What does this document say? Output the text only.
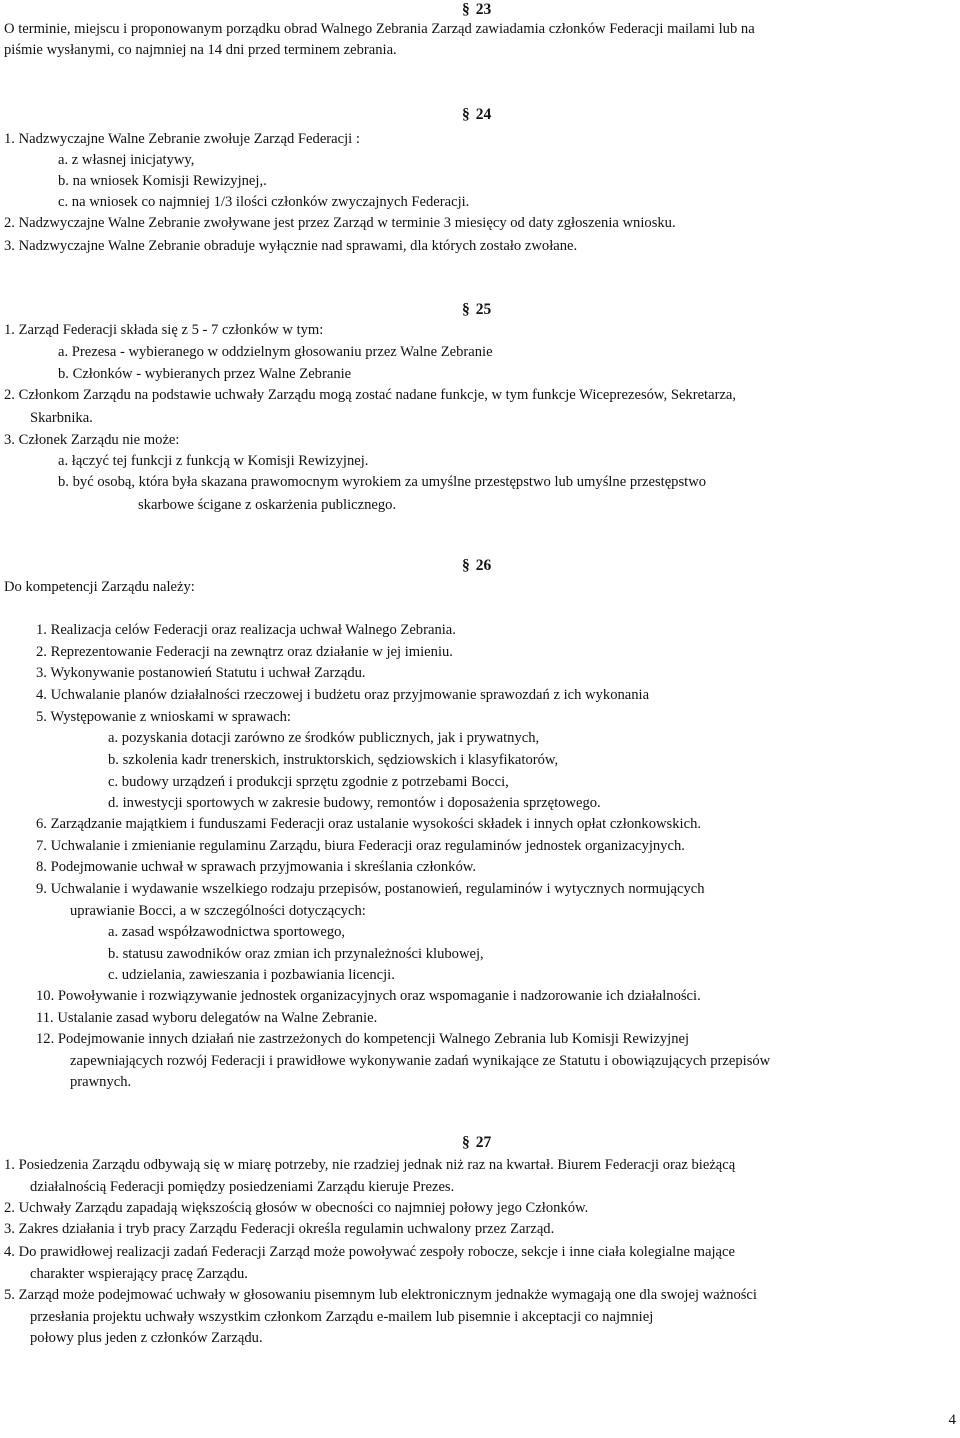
§ 23
O terminie, miejscu i proponowanym porządku obrad Walnego Zebrania Zarząd zawiadamia członków Federacji mailami lub na
piśmie wysłanymi, co najmniej na 14 dni przed terminem zebrania.
§ 24
1. Nadzwyczajne Walne Zebranie zwołuje Zarząd Federacji :
a. z własnej inicjatywy,
b. na wniosek Komisji Rewizyjnej,.
c. na wniosek co najmniej 1/3 ilości członków zwyczajnych Federacji.
2. Nadzwyczajne Walne Zebranie zwoływane jest przez Zarząd w terminie 3 miesięcy od daty zgłoszenia wniosku.
3. Nadzwyczajne Walne Zebranie obraduje wyłącznie nad sprawami, dla których zostało zwołane.
§ 25
1. Zarząd Federacji składa się z 5 - 7 członków w tym:
a. Prezesa - wybieranego w oddzielnym głosowaniu przez Walne Zebranie
b. Członków - wybieranych przez Walne Zebranie
2. Członkom Zarządu na podstawie uchwały Zarządu mogą zostać nadane funkcje, w tym funkcje Wiceprezesów, Sekretarza,
Skarbnika.
3. Członek Zarządu nie może:
a. łączyć tej funkcji z funkcją w Komisji Rewizyjnej.
b. być osobą, która była skazana prawomocnym wyrokiem za umyślne przestępstwo lub umyślne przestępstwo
skarbowe ścigane z oskarżenia publicznego.
§ 26
Do kompetencji Zarządu należy:
1. Realizacja celów Federacji oraz realizacja uchwał Walnego Zebrania.
2. Reprezentowanie Federacji na zewnątrz oraz działanie w jej imieniu.
3. Wykonywanie postanowień Statutu i uchwał Zarządu.
4. Uchwalanie planów działalności rzeczowej i budżetu oraz przyjmowanie sprawozdań z ich wykonania
5. Występowanie z wnioskami w sprawach:
a. pozyskania dotacji zarówno ze środków publicznych, jak i prywatnych,
b. szkolenia kadr trenerskich, instruktorskich, sędziowskich i klasyfikatorów,
c. budowy urządzeń i produkcji sprzętu zgodnie z potrzebami Bocci,
d. inwestycji sportowych w zakresie budowy, remontów i doposażenia sprzętowego.
6. Zarządzanie majątkiem i funduszami Federacji oraz ustalanie wysokości składek i innych opłat członkowskich.
7. Uchwalanie i zmienianie regulaminu Zarządu, biura Federacji oraz regulaminów jednostek organizacyjnych.
8. Podejmowanie uchwał w sprawach przyjmowania i skreślania członków.
9. Uchwalanie i wydawanie wszelkiego rodzaju przepisów, postanowień, regulaminów i wytycznych normujących
uprawianie Bocci, a w szczególności dotyczących:
a. zasad współzawodnictwa sportowego,
b. statusu zawodników oraz zmian ich przynależności klubowej,
c. udzielania, zawieszania i pozbawiania licencji.
10. Powoływanie i rozwiązywanie jednostek organizacyjnych oraz wspomaganie i nadzorowanie ich działalności.
11. Ustalanie zasad wyboru delegatów na Walne Zebranie.
12. Podejmowanie innych działań nie zastrzeżonych do kompetencji Walnego Zebrania lub Komisji Rewizyjnej
zapewniających rozwój Federacji i prawidłowe wykonywanie zadań wynikające ze Statutu i obowiązujących przepisów
prawnych.
§ 27
1. Posiedzenia Zarządu odbywają się w miarę potrzeby, nie rzadziej jednak niż raz na kwartał. Biurem Federacji oraz bieżącą
działalnością Federacji pomiędzy posiedzeniami Zarządu kieruje Prezes.
2. Uchwały Zarządu zapadają większością głosów w obecności co najmniej połowy jego Członków.
3. Zakres działania i tryb pracy Zarządu Federacji określa regulamin uchwalony przez Zarząd.
4. Do prawidłowej realizacji zadań Federacji Zarząd może powoływać zespoły robocze, sekcje i inne ciała kolegialne mające
charakter wspierający pracę Zarządu.
5. Zarząd może podejmować uchwały w głosowaniu pisemnym lub elektronicznym jednakże wymagają one dla swojej ważności
przesłania projektu uchwały wszystkim członkom Zarządu e-mailem lub pisemnie i akceptacji co najmniej
połowy plus jeden z członków Zarządu.
4
